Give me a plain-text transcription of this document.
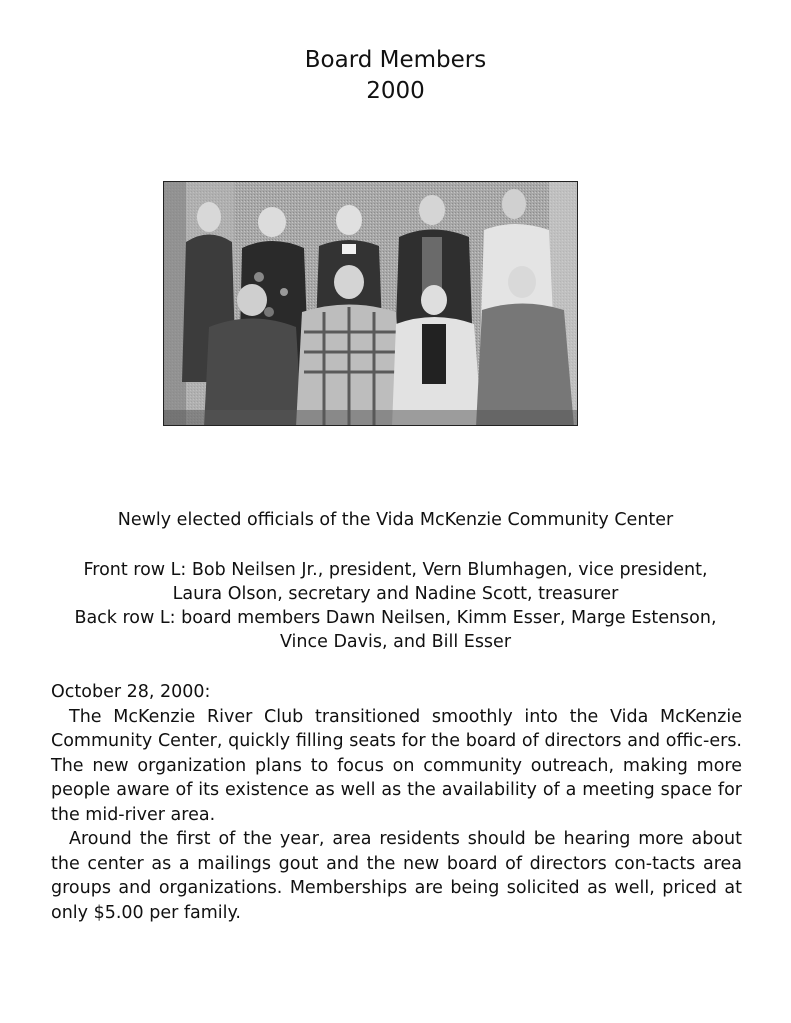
Board Members
2000
Newly elected officials of the Vida McKenzie Community Center
Front row L: Bob Neilsen Jr., president, Vern Blumhagen, vice president,
Laura Olson, secretary and Nadine Scott, treasurer
Back row L: board members Dawn Neilsen, Kimm Esser, Marge Estenson,
Vince Davis, and Bill Esser

October 28, 2000:

The McKenzie River Club transitioned smoothly into the Vida McKenzie Community Center, quickly filling seats for the board of directors and offic-ers. The new organization plans to focus on community outreach, making more people aware of its existence as well as the availability of a meeting space for the mid-river area.

Around the first of the year, area residents should be hearing more about the center as a mailings gout and the new board of directors con-tacts area groups and organizations. Memberships are being solicited as well, priced at only $5.00 per family.
